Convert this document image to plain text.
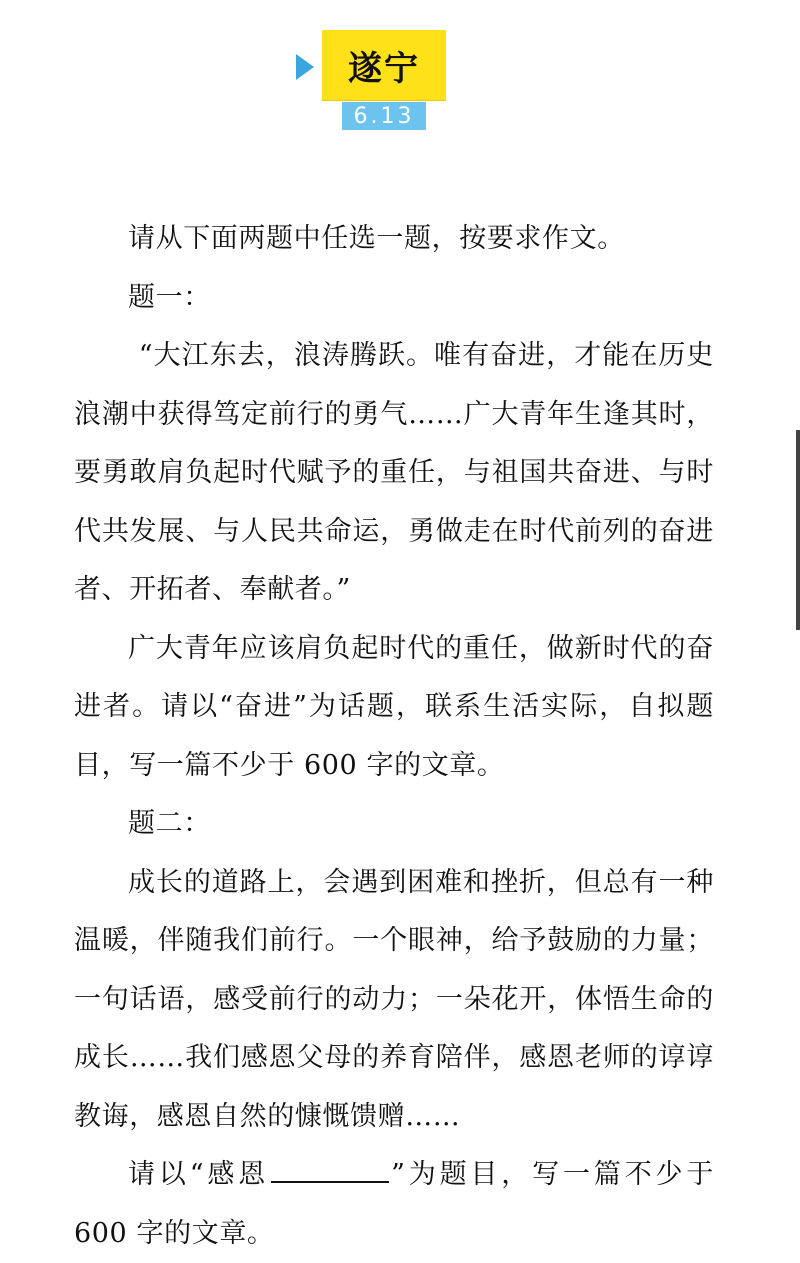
遂宁
6.13

请从下面两题中任选一题，按要求作文。

题一：

“大江东去，浪涛腾跃。唯有奋进，才能在历史浪潮中获得笃定前行的勇气……广大青年生逢其时，要勇敢肩负起时代赋予的重任，与祖国共奋进、与时代共发展、与人民共命运，勇做走在时代前列的奋进者、开拓者、奉献者。”

广大青年应该肩负起时代的重任，做新时代的奋进者。请以“奋进”为话题，联系生活实际，自拟题目，写一篇不少于 600 字的文章。

题二：

成长的道路上，会遇到困难和挫折，但总有一种温暖，伴随我们前行。一个眼神，给予鼓励的力量；一句话语，感受前行的动力；一朵花开，体悟生命的成长……我们感恩父母的养育陪伴，感恩老师的谆谆教诲，感恩自然的慷慨馈赠……

请以“感恩	”为题目，写一篇不少于 600 字的文章。
